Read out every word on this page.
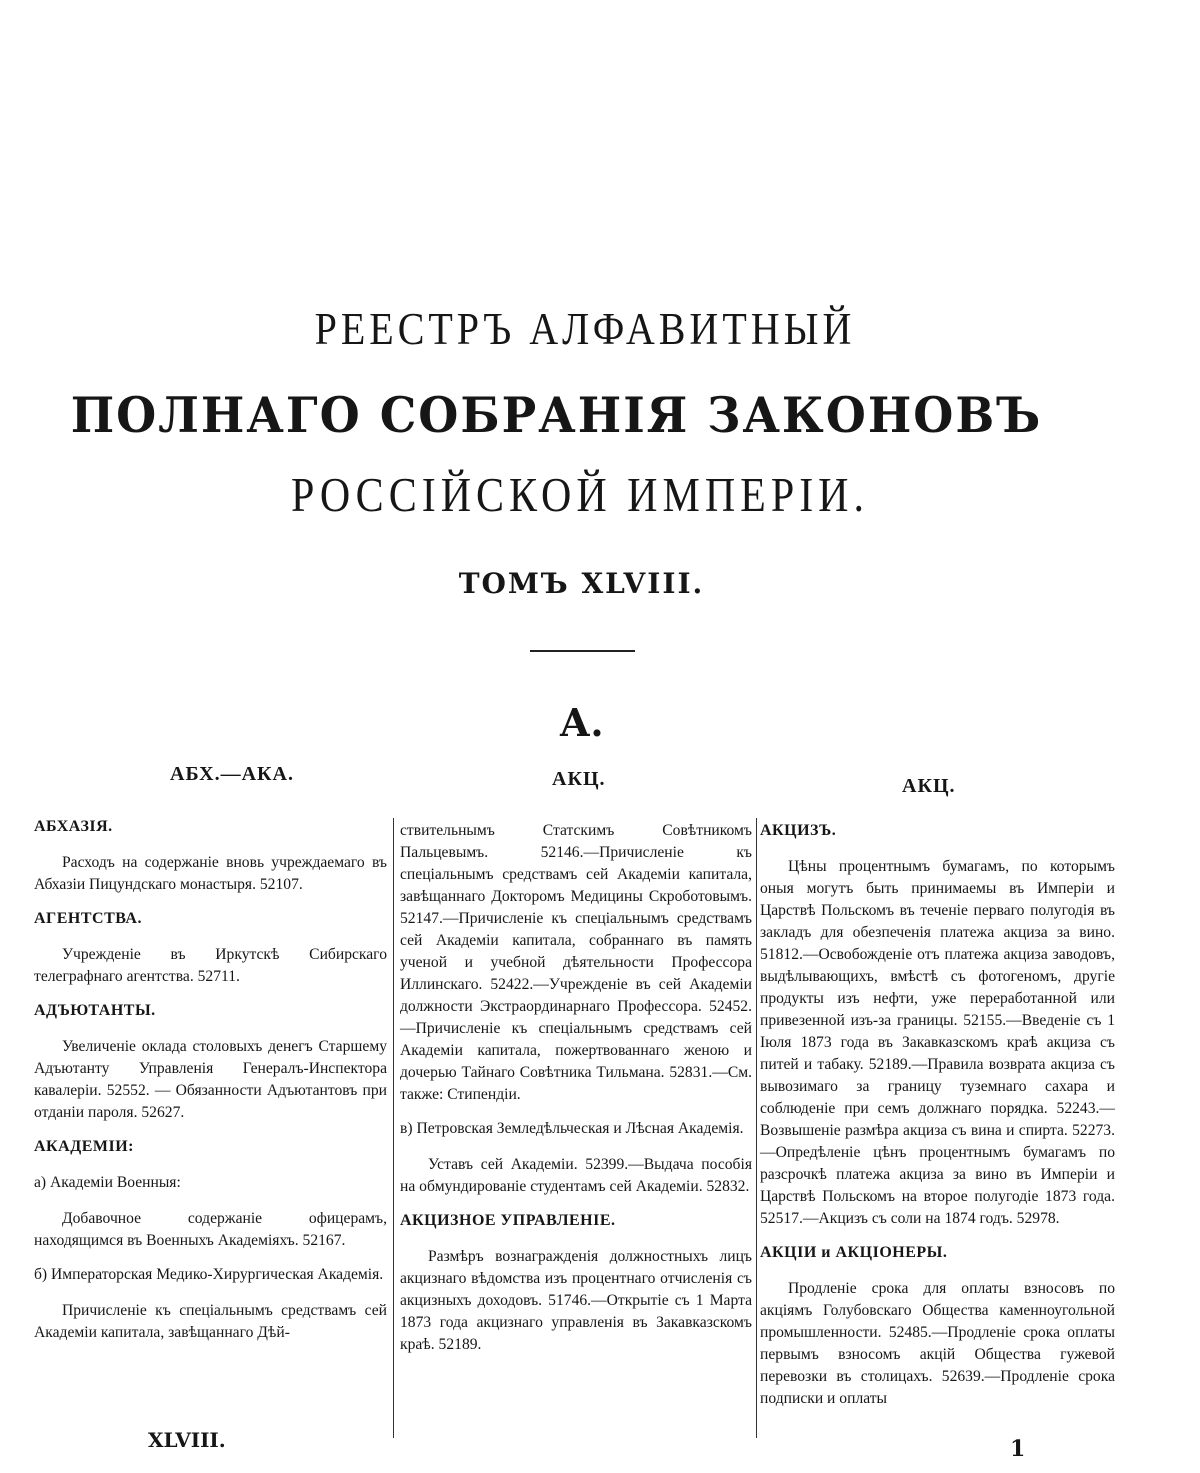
РЕЕСТРЪ АЛФАВИТНЫЙ
ПОЛНАГО СОБРАНІЯ ЗАКОНОВЪ
РОССІЙСКОЙ ИМПЕРІИ.
ТОМЪ XLVIII.
А.
АБХ.—АКА.	АКЦ.	АКЦ.

АБХАЗІЯ.

Расходъ на содержаніе вновь учреждаемаго въ Абхазіи Пицундскаго монастыря. 52107.

АГЕНТСТВА.

Учрежденіе въ Иркутскѣ Сибирскаго телеграфнаго агентства. 52711.

АДЪЮТАНТЫ.

Увеличеніе оклада столовыхъ денегъ Старшему Адъютанту Управленія Генералъ-Инспектора кавалеріи. 52552. — Обязанности Адъютантовъ при отданіи пароля. 52627.

АКАДЕМІИ:

а) Академіи Военныя:

Добавочное содержаніе офицерамъ, находящимся въ Военныхъ Академіяхъ. 52167.

б) Императорская Медико-Хирургическая Академія.

Причисленіе къ спеціальнымъ средствамъ сей Академіи капитала, завѣщаннаго Дѣй-

ствительнымъ Статскимъ Совѣтникомъ Пальцевымъ. 52146.—Причисленіе къ спеціальнымъ средствамъ сей Академіи капитала, завѣщаннаго Докторомъ Медицины Скроботовымъ. 52147.—Причисленіе къ спеціальнымъ средствамъ сей Академіи капитала, собраннаго въ память ученой и учебной дѣятельности Профессора Иллинскаго. 52422.—Учрежденіе въ сей Академіи должности Экстраординарнаго Профессора. 52452.—Причисленіе къ спеціальнымъ средствамъ сей Академіи капитала, пожертвованнаго женою и дочерью Тайнаго Совѣтника Тильмана. 52831.—См. также: Стипендіи.

в) Петровская Земледѣльческая и Лѣсная Академія.

Уставъ сей Академіи. 52399.—Выдача пособія на обмундированіе студентамъ сей Академіи. 52832.

АКЦИЗНОЕ УПРАВЛЕНІЕ.

Размѣръ вознагражденія должностныхъ лицъ акцизнаго вѣдомства изъ процентнаго отчисленія съ акцизныхъ доходовъ. 51746.—Открытіе съ 1 Марта 1873 года акцизнаго управленія въ Закавказскомъ краѣ. 52189.

АКЦИЗЪ.

Цѣны процентнымъ бумагамъ, по которымъ оныя могутъ быть принимаемы въ Имперіи и Царствѣ Польскомъ въ теченіе перваго полугодія въ закладъ для обезпеченія платежа акциза за вино. 51812.—Освобожденіе отъ платежа акциза заводовъ, выдѣлывающихъ, вмѣстѣ съ фотогеномъ, другіе продукты изъ нефти, уже переработанной или привезенной изъ-за границы. 52155.—Введеніе съ 1 Іюля 1873 года въ Закавказскомъ краѣ акциза съ питей и табаку. 52189.—Правила возврата акциза съ вывозимаго за границу туземнаго сахара и соблюденіе при семъ должнаго порядка. 52243.—Возвышеніе размѣра акциза съ вина и спирта. 52273.—Опредѣленіе цѣнъ процентнымъ бумагамъ по разсрочкѣ платежа акциза за вино въ Имперіи и Царствѣ Польскомъ на второе полугодіе 1873 года. 52517.—Акцизъ съ соли на 1874 годъ. 52978.

АКЦІИ и АКЦІОНЕРЫ.

Продленіе срока для оплаты взносовъ по акціямъ Голубовскаго Общества каменноугольной промышленности. 52485.—Продленіе срока оплаты первымъ взносомъ акцій Общества гужевой перевозки въ столицахъ. 52639.—Продленіе срока подписки и оплаты

XLVIII.	1
